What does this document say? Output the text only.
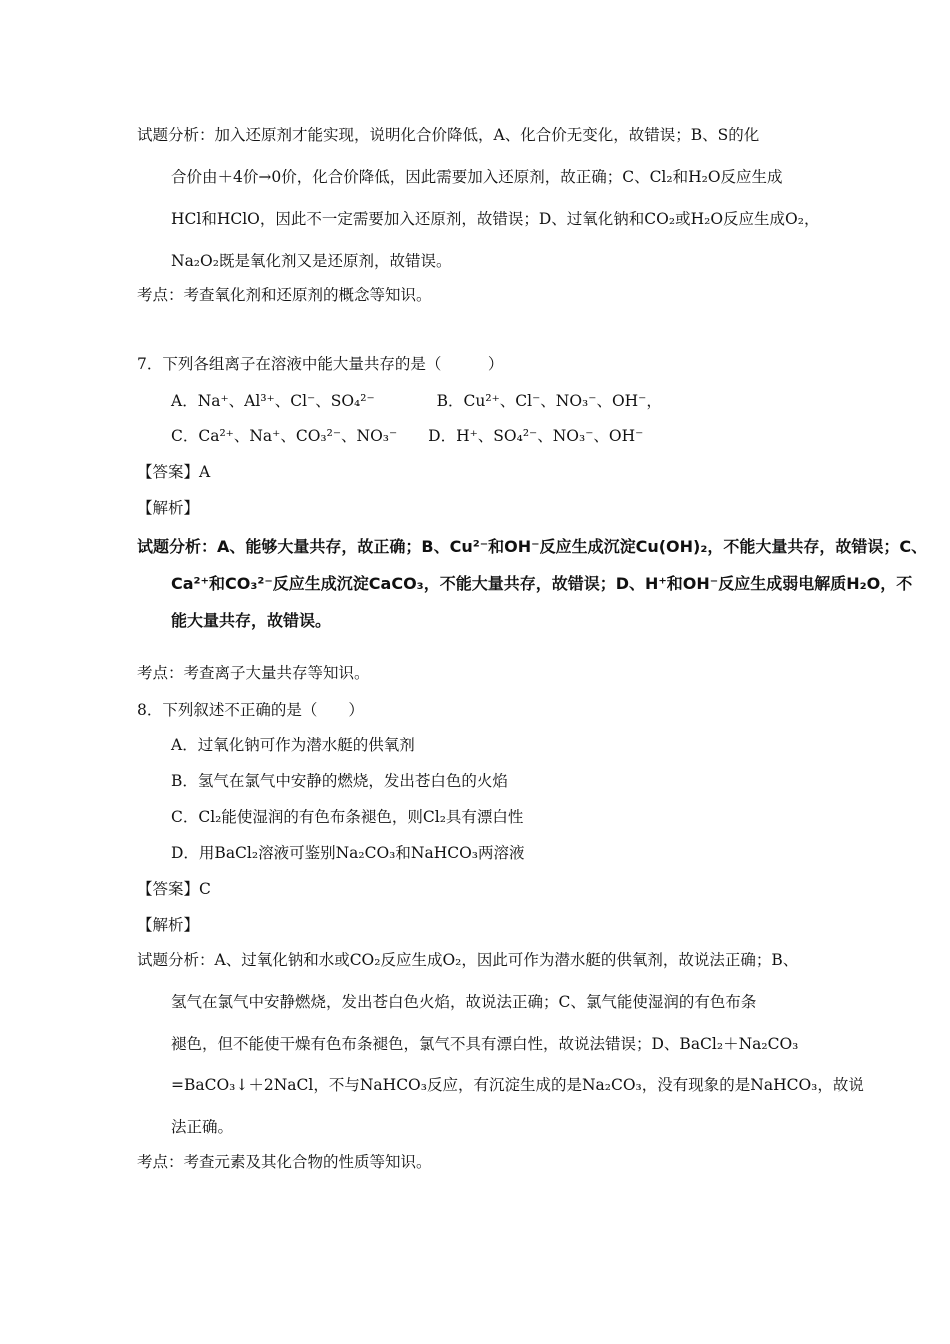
试题分析：加入还原剂才能实现，说明化合价降低，A、化合价无变化，故错误；B、S的化
合价由＋4价→0价，化合价降低，因此需要加入还原剂，故正确；C、Cl₂和H₂O反应生成
HCl和HClO，因此不一定需要加入还原剂，故错误；D、过氧化钠和CO₂或H₂O反应生成O₂，
Na₂O₂既是氧化剂又是还原剂，故错误。
考点：考查氧化剂和还原剂的概念等知识。
7．下列各组离子在溶液中能大量共存的是（　　　）
A．Na⁺、Al³⁺、Cl⁻、SO₄²⁻　　　　B．Cu²⁺、Cl⁻、NO₃⁻、OH⁻，
C．Ca²⁺、Na⁺、CO₃²⁻、NO₃⁻　　D．H⁺、SO₄²⁻、NO₃⁻、OH⁻
【答案】A
【解析】
试题分析：A、能够大量共存，故正确；B、Cu²⁻和OH⁻反应生成沉淀Cu(OH)₂，不能大量共存，故错误；C、
Ca²⁺和CO₃²⁻反应生成沉淀CaCO₃，不能大量共存，故错误；D、H⁺和OH⁻反应生成弱电解质H₂O，不
能大量共存，故错误。
考点：考查离子大量共存等知识。
8．下列叙述不正确的是（　　）
A．过氧化钠可作为潜水艇的供氧剂
B．氢气在氯气中安静的燃烧，发出苍白色的火焰
C．Cl₂能使湿润的有色布条褪色，则Cl₂具有漂白性
D．用BaCl₂溶液可鉴别Na₂CO₃和NaHCO₃两溶液
【答案】C
【解析】
试题分析：A、过氧化钠和水或CO₂反应生成O₂，因此可作为潜水艇的供氧剂，故说法正确；B、
氢气在氯气中安静燃烧，发出苍白色火焰，故说法正确；C、氯气能使湿润的有色布条
褪色，但不能使干燥有色布条褪色，氯气不具有漂白性，故说法错误；D、BaCl₂＋Na₂CO₃
=BaCO₃↓＋2NaCl，不与NaHCO₃反应，有沉淀生成的是Na₂CO₃，没有现象的是NaHCO₃，故说
法正确。
考点：考查元素及其化合物的性质等知识。
